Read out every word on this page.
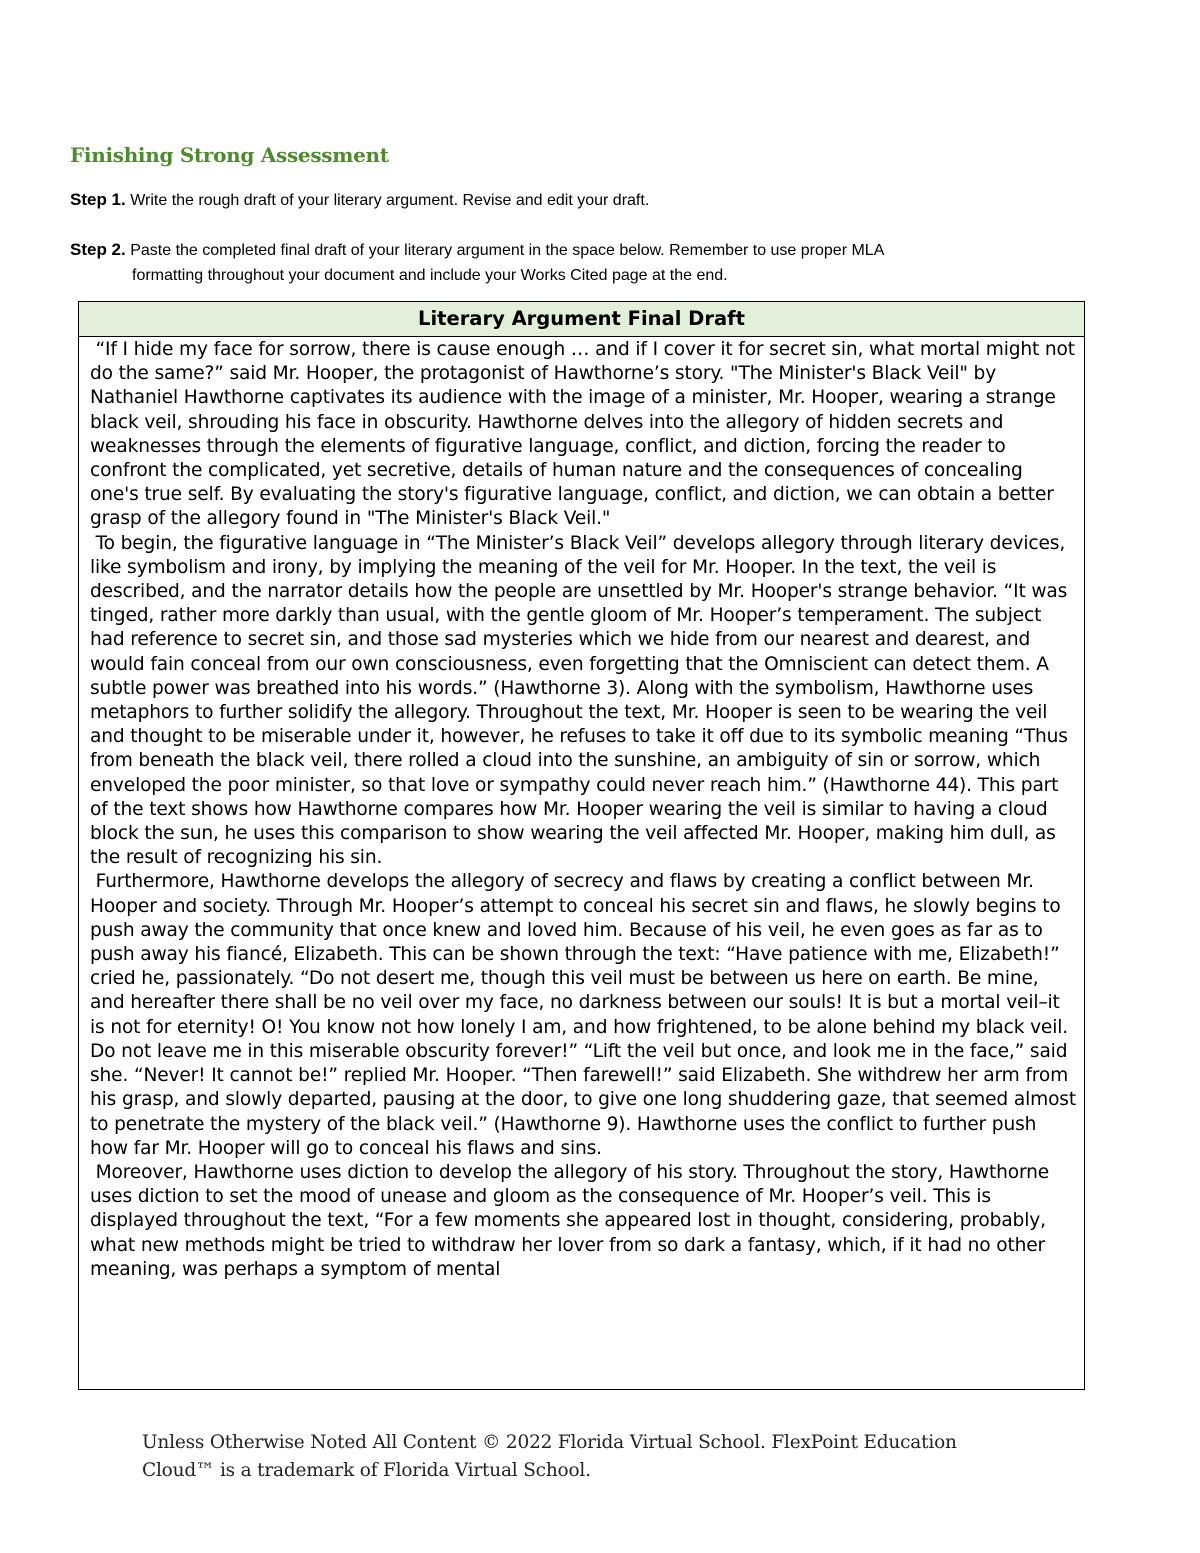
Finishing Strong Assessment
Step 1. Write the rough draft of your literary argument. Revise and edit your draft.
Step 2. Paste the completed final draft of your literary argument in the space below. Remember to use proper MLA
formatting throughout your document and include your Works Cited page at the end.
Literary Argument Final Draft

“If I hide my face for sorrow, there is cause enough … and if I cover it for secret sin, what mortal might not do the same?” said Mr. Hooper, the protagonist of Hawthorne’s story. "The Minister's Black Veil" by Nathaniel Hawthorne captivates its audience with the image of a minister, Mr. Hooper, wearing a strange black veil, shrouding his face in obscurity. Hawthorne delves into the allegory of hidden secrets and weaknesses through the elements of figurative language, conflict, and diction, forcing the reader to confront the complicated, yet secretive, details of human nature and the consequences of concealing one's true self. By evaluating the story's figurative language, conflict, and diction, we can obtain a better grasp of the allegory found in "The Minister's Black Veil."

To begin, the figurative language in “The Minister’s Black Veil” develops allegory through literary devices, like symbolism and irony, by implying the meaning of the veil for Mr. Hooper. In the text, the veil is described, and the narrator details how the people are unsettled by Mr. Hooper's strange behavior. “It was tinged, rather more darkly than usual, with the gentle gloom of Mr. Hooper’s temperament. The subject had reference to secret sin, and those sad mysteries which we hide from our nearest and dearest, and would fain conceal from our own consciousness, even forgetting that the Omniscient can detect them. A subtle power was breathed into his words.” (Hawthorne 3). Along with the symbolism, Hawthorne uses metaphors to further solidify the allegory. Throughout the text, Mr. Hooper is seen to be wearing the veil and thought to be miserable under it, however, he refuses to take it off due to its symbolic meaning “Thus from beneath the black veil, there rolled a cloud into the sunshine, an ambiguity of sin or sorrow, which enveloped the poor minister, so that love or sympathy could never reach him.” (Hawthorne 44). This part of the text shows how Hawthorne compares how Mr. Hooper wearing the veil is similar to having a cloud block the sun, he uses this comparison to show wearing the veil affected Mr. Hooper, making him dull, as the result of recognizing his sin.

Furthermore, Hawthorne develops the allegory of secrecy and flaws by creating a conflict between Mr. Hooper and society. Through Mr. Hooper’s attempt to conceal his secret sin and flaws, he slowly begins to push away the community that once knew and loved him. Because of his veil, he even goes as far as to push away his fiancé, Elizabeth. This can be shown through the text: “Have patience with me, Elizabeth!” cried he, passionately. “Do not desert me, though this veil must be between us here on earth. Be mine, and hereafter there shall be no veil over my face, no darkness between our souls! It is but a mortal veil–it is not for eternity! O! You know not how lonely I am, and how frightened, to be alone behind my black veil. Do not leave me in this miserable obscurity forever!” “Lift the veil but once, and look me in the face,” said she. “Never! It cannot be!” replied Mr. Hooper. “Then farewell!” said Elizabeth. She withdrew her arm from his grasp, and slowly departed, pausing at the door, to give one long shuddering gaze, that seemed almost to penetrate the mystery of the black veil.” (Hawthorne 9). Hawthorne uses the conflict to further push how far Mr. Hooper will go to conceal his flaws and sins.

Moreover, Hawthorne uses diction to develop the allegory of his story. Throughout the story, Hawthorne uses diction to set the mood of unease and gloom as the consequence of Mr. Hooper’s veil. This is displayed throughout the text, “For a few moments she appeared lost in thought, considering, probably, what new methods might be tried to withdraw her lover from so dark a fantasy, which, if it had no other meaning, was perhaps a symptom of mental

Unless Otherwise Noted All Content © 2022 Florida Virtual School. FlexPoint Education
Cloud™ is a trademark of Florida Virtual School.
